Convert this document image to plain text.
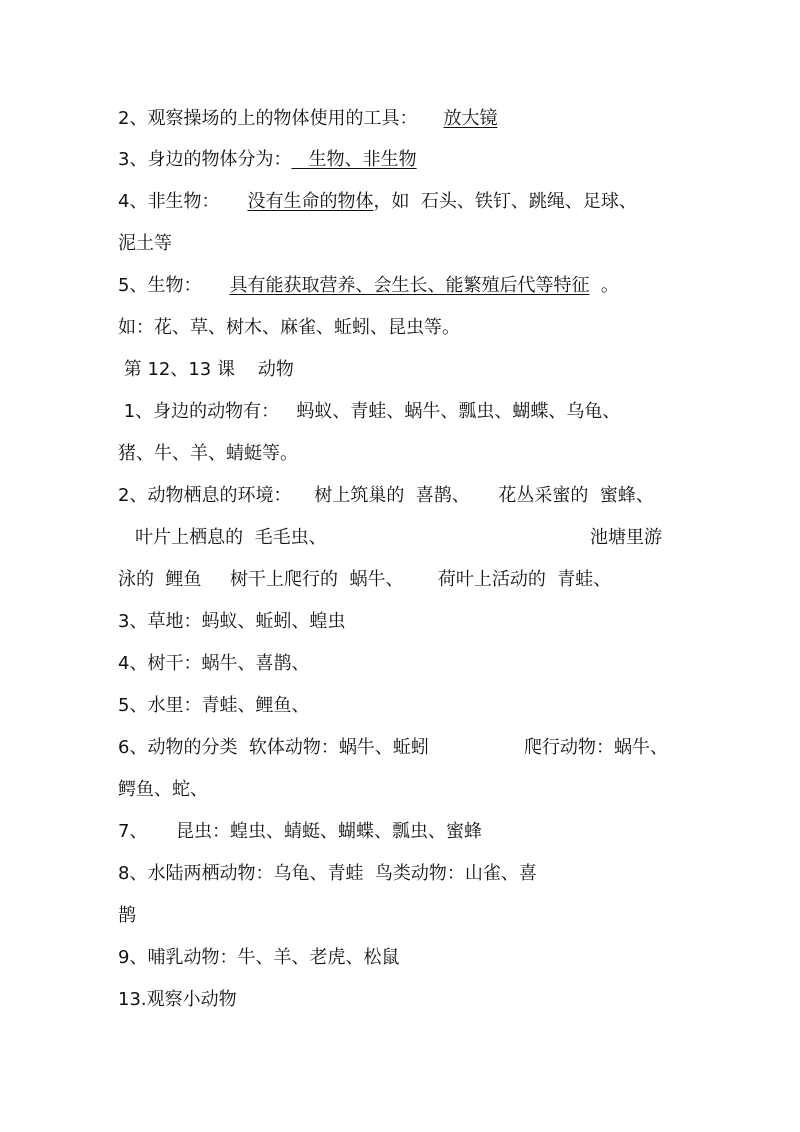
2、观察操场的上的物体使用的工具： 放大镜
3、身边的物体分为：   生物、非生物
4、非生物： 没有生命的物体，如  石头、铁钉、跳绳、足球、
泥土等
5、生物： 具有能获取营养、会生长、能繁殖后代等特征  。
如：花、草、树木、麻雀、蚯蚓、昆虫等。
第 12、13 课    动物
1、身边的动物有：   蚂蚁、青蛙、蜗牛、瓢虫、蝴蝶、乌龟、
猪、牛、羊、蜻蜓等。
2、动物栖息的环境：    树上筑巢的  喜鹊、     花丛采蜜的  蜜蜂、
叶片上栖息的  毛毛虫、	池塘里游
泳的  鲤鱼     树干上爬行的  蜗牛、      荷叶上活动的  青蛙、
3、草地：蚂蚁、蚯蚓、蝗虫
4、树干：蜗牛、喜鹊、
5、水里：青蛙、鲤鱼、
6、动物的分类  软体动物：蜗牛、蚯蚓	爬行动物：蜗牛、
鳄鱼、蛇、
7、     昆虫：蝗虫、蜻蜓、蝴蝶、瓢虫、蜜蜂
8、水陆两栖动物：乌龟、青蛙  鸟类动物：山雀、喜
鹊
9、哺乳动物：牛、羊、老虎、松鼠
13.观察小动物
